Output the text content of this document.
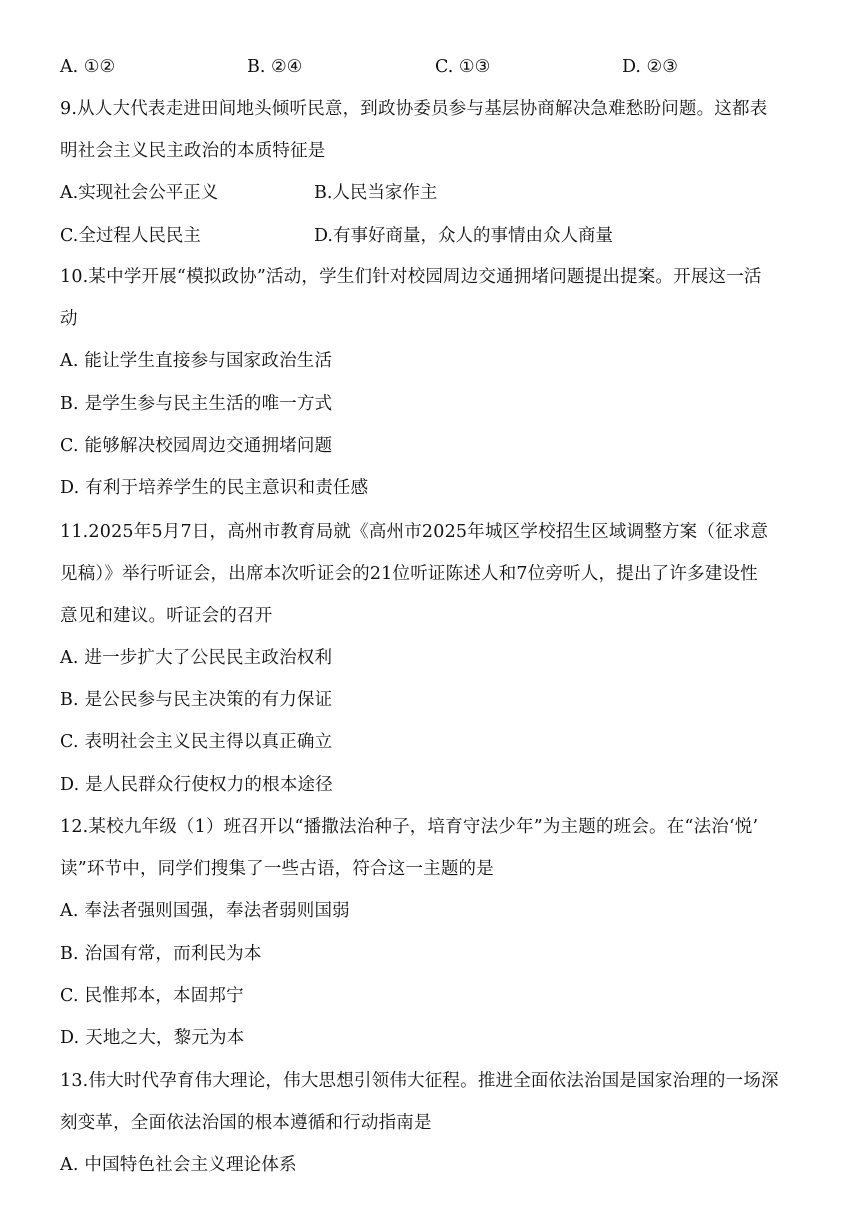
A. ①②	B. ②④	C. ①③	D. ②③
9.从人大代表走进田间地头倾听民意，到政协委员参与基层协商解决急难愁盼问题。这都表
明社会主义民主政治的本质特征是
A.实现社会公平正义	B.人民当家作主
C.全过程人民民主	D.有事好商量，众人的事情由众人商量
10.某中学开展“模拟政协”活动，学生们针对校园周边交通拥堵问题提出提案。开展这一活
动
A. 能让学生直接参与国家政治生活
B. 是学生参与民主生活的唯一方式
C. 能够解决校园周边交通拥堵问题
D. 有利于培养学生的民主意识和责任感
11.2025年5月7日，高州市教育局就《高州市2025年城区学校招生区域调整方案（征求意
见稿）》举行听证会，出席本次听证会的21位听证陈述人和7位旁听人，提出了许多建设性
意见和建议。听证会的召开
A. 进一步扩大了公民民主政治权利
B. 是公民参与民主决策的有力保证
C. 表明社会主义民主得以真正确立
D. 是人民群众行使权力的根本途径
12.某校九年级（1）班召开以“播撒法治种子，培育守法少年”为主题的班会。在“法治‘悦’
读”环节中，同学们搜集了一些古语，符合这一主题的是
A. 奉法者强则国强，奉法者弱则国弱
B. 治国有常，而利民为本
C. 民惟邦本，本固邦宁
D. 天地之大，黎元为本
13.伟大时代孕育伟大理论，伟大思想引领伟大征程。推进全面依法治国是国家治理的一场深
刻变革，全面依法治国的根本遵循和行动指南是
A. 中国特色社会主义理论体系
